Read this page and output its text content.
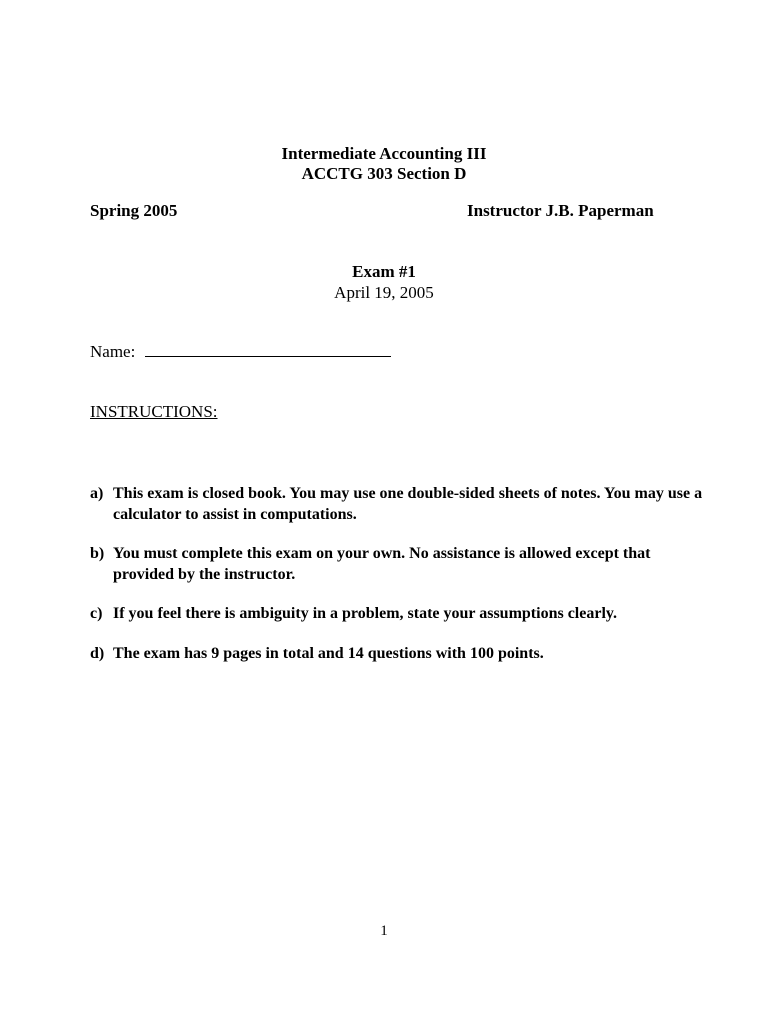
Intermediate Accounting III
ACCTG 303 Section D
Spring 2005	Instructor J.B. Paperman
Exam #1
April 19, 2005
Name:
INSTRUCTIONS:
a) This exam is closed book. You may use one double-sided sheets of notes. You may use a calculator to assist in computations.
b) You must complete this exam on your own. No assistance is allowed except that provided by the instructor.
c) If you feel there is ambiguity in a problem, state your assumptions clearly.
d) The exam has 9 pages in total and 14 questions with 100 points.
1
